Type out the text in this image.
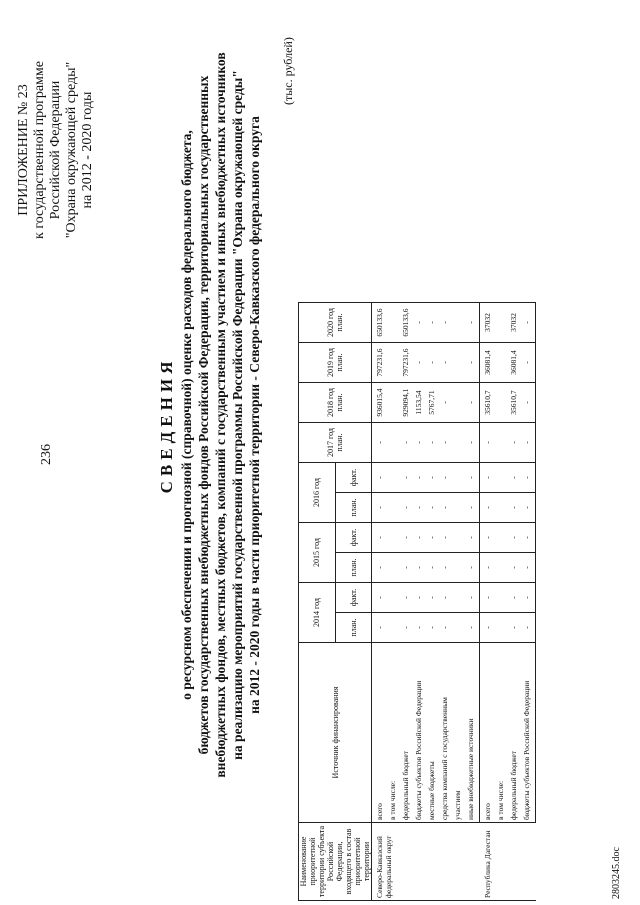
236
ПРИЛОЖЕНИЕ № 23 к государственной программе Российской Федерации "Охрана окружающей среды" на 2012 - 2020 годы
СВЕДЕНИЯ о ресурсном обеспечении и прогнозной (справочной) оценке расходов федерального бюджета, бюджетов государственных внебюджетных фондов Российской Федерации, территориальных государственных внебюджетных фондов, местных бюджетов, компаний с государственным участием и иных внебюджетных источников на реализацию мероприятий государственной программы Российской Федерации "Охрана окружающей среды" на 2012 - 2020 годы в части приоритетной территории - Северо-Кавказского федерального округа
(тыс. рублей)
Наименование приоритетной территории субъекта Российской Федерации, входящего в состав приоритетной территории	Источник финансирования	2014 год		2015 год		2016 год		2017 год план.	2018 год план.	2019 год план.	2020 год план.
		план.	факт.	план.	факт.	план.	факт.				
Северо-Кавказский федеральный округ	всего	-	-	-	-	-	-	-	936015,4	797231,6	650133,6
	в том числе:										
	федеральный бюджет	-	-	-	-	-	-	-	929094,1	797231,6	650133,6
	бюджеты субъектов Российской Федерации	-	-	-	-	-	-	-	1153,54	-	-
	местные бюджеты	-	-	-	-	-	-	-	5767,71	-	-
	средства компаний с государственным	-	-	-	-	-	-	-	-	-	-
	участием										
	иные внебюджетные источники	-	-	-	-	-	-	-	-	-	-
Республика Дагестан	всего	-	-	-	-	-	-	-	35610,7	36081,4	37032
	в том числе:										
	федеральный бюджет	-	-	-	-	-	-	-	35610,7	36081,4	37032
	бюджеты субъектов Российской Федерации	-	-	-	-	-	-	-	-	-	-
2803245.doc
